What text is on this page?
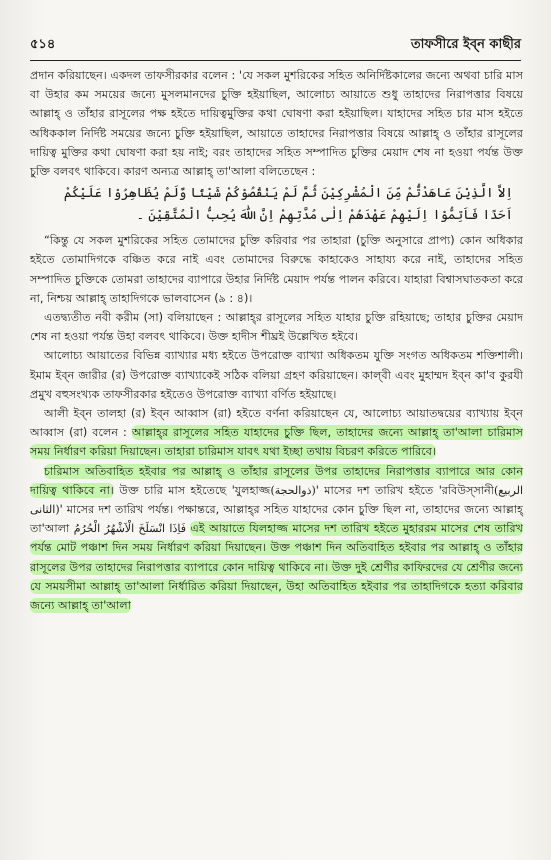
৫১৪	তাফসীরে ইব্‌ন কাছীর

প্রদান করিয়াছেন। একদল তাফসীরকার বলেন : 'যে সকল মুশরিকের সহিত অনির্দিষ্টকালের জন্যে অথবা চারি মাস বা উহার কম সময়ের জন্যে মুসলমানদের চুক্তি হইয়াছিল, আলোচ্য আয়াতে শুধু তাহাদের নিরাপত্তার বিষয়ে আল্লাহ্‌ ও তাঁহার রাসূলের পক্ষ হইতে দায়িত্বমুক্তির কথা ঘোষণা করা হইয়াছিল। যাহাদের সহিত চার মাস হইতে অধিককাল নির্দিষ্ট সময়ের জন্যে চুক্তি হইয়াছিল, আয়াতে তাহাদের নিরাপত্তার বিষয়ে আল্লাহ্‌ ও তাঁহার রাসূলের দায়িত্ব মুক্তির কথা ঘোষণা করা হয় নাই; বরং তাহাদের সহিত সম্পাদিত চুক্তির মেয়াদ শেষ না হওয়া পর্যন্ত উক্ত চুক্তি বলবৎ থাকিবে। কারণ অন্যত্র আল্লাহ্‌ তা'আলা বলিতেছেন :

اِلاَّ الَّذِيْنَ عَاهَدْتُّمْ مِّنَ الْمُشْرِكِيْنَ ثُمَّ لَمْ يَنْقُصُوْكُمْ شَيْئًا وَّلَمْ يُظَاهِرُوْا عَلَيْكُمْ اَحَدًا فَاَتِمُّوْا اِلَيْهِمْ عَهْدَهُمْ اِلٰى مُدَّتِهِمْ اِنَّ اللّٰهَ يُحِبُّ الْمُتَّقِيْنَ ۔

“কিন্তু যে সকল মুশরিকের সহিত তোমাদের চুক্তি করিবার পর তাহারা (চুক্তি অনুসারে প্রাপ্য) কোন অধিকার হইতে তোমাদিগকে বঞ্চিত করে নাই এবং তোমাদের বিরুদ্ধে কাহাকেও সাহায্য করে নাই, তাহাদের সহিত সম্পাদিত চুক্তিকে তোমরা তাহাদের ব্যাপারে উহার নির্দিষ্ট মেয়াদ পর্যন্ত পালন করিবে। যাহারা বিশ্বাসঘাতকতা করে না, নিশ্চয় আল্লাহ্‌ তাহাদিগকে ভালবাসেন (৯ : ৪)।

এতদ্ব্যতীত নবী করীম (সা) বলিয়াছেন : আল্লাহ্‌র রাসূলের সহিত যাহার চুক্তি রহিয়াছে; তাহার চুক্তির মেয়াদ শেষ না হওয়া পর্যন্ত উহা বলবৎ থাকিবে। উক্ত হাদীস শীঘ্রই উল্লেখিত হইবে।

আলোচ্য আয়াতের বিভিন্ন ব্যাখ্যার মধ্য হইতে উপরোক্ত ব্যাখ্যা অধিকতম যুক্তি সংগত অধিকতম শক্তিশালী। ইমাম ইব্‌ন জারীর (র) উপরোক্ত ব্যাখ্যাকেই সঠিক বলিয়া গ্রহণ করিয়াছেন। কাল্‌বী এবং মুহাম্মদ ইব্‌ন কা'ব কুরযী প্রমুখ বহুসংখ্যক তাফসীরকার হইতেও উপরোক্ত ব্যাখ্যা বর্ণিত হইয়াছে।

আলী ইব্‌ন তালহা (র) ইব্‌ন আব্বাস (রা) হইতে বর্ণনা করিয়াছেন যে, আলোচ্য আয়াতদ্বয়ের ব্যাখ্যায় ইব্‌ন আব্বাস (রা) বলেন : আল্লাহ্‌র রাসূলের সহিত যাহাদের চুক্তি ছিল, তাহাদের জন্যে আল্লাহ্‌ তা'আলা চারিমাস সময় নির্ধারণ করিয়া দিয়াছেন। তাহারা চারিমাস যাবৎ যথা ইচ্ছা তথায় বিচরণ করিতে পারিবে।

চারিমাস অতিবাহিত হইবার পর আল্লাহ্‌ ও তাঁহার রাসূলের উপর তাহাদের নিরাপত্তার ব্যাপারে আর কোন দায়িত্ব থাকিবে না। উক্ত চারি মাস হইতেছে 'যুলহাজ্জ(ذوالحجة)' মাসের দশ তারিখ হইতে 'রবিউস্‌সানী(الربيع الثانى)' মাসের দশ তারিখ পর্যন্ত। পক্ষান্তরে, আল্লাহ্‌র সহিত যাহাদের কোন চুক্তি ছিল না, তাহাদের জন্যে আল্লাহ্‌ তা'আলা فَاِذَا انْسَلَخَ الْاَشْهُرُ الْحُرُمُ এই আয়াতে যিলহাজ্জ মাসের দশ তারিখ হইতে মুহাররম মাসের শেষ তারিখ পর্যন্ত মোট পঞ্চাশ দিন সময় নির্ধারণ করিয়া দিয়াছেন। উক্ত পঞ্চাশ দিন অতিবাহিত হইবার পর আল্লাহ্‌ ও তাঁহার রাসূলের উপর তাহাদের নিরাপত্তার ব্যাপারে কোন দায়িত্ব থাকিবে না। উক্ত দুই শ্রেণীর কাফিরদের যে শ্রেণীর জন্যে যে সময়সীমা আল্লাহ্‌ তা'আলা নির্ধারিত করিয়া দিয়াছেন, উহা অতিবাহিত হইবার পর তাহাদিগকে হত্যা করিবার জন্যে আল্লাহ্‌ তা'আলা
